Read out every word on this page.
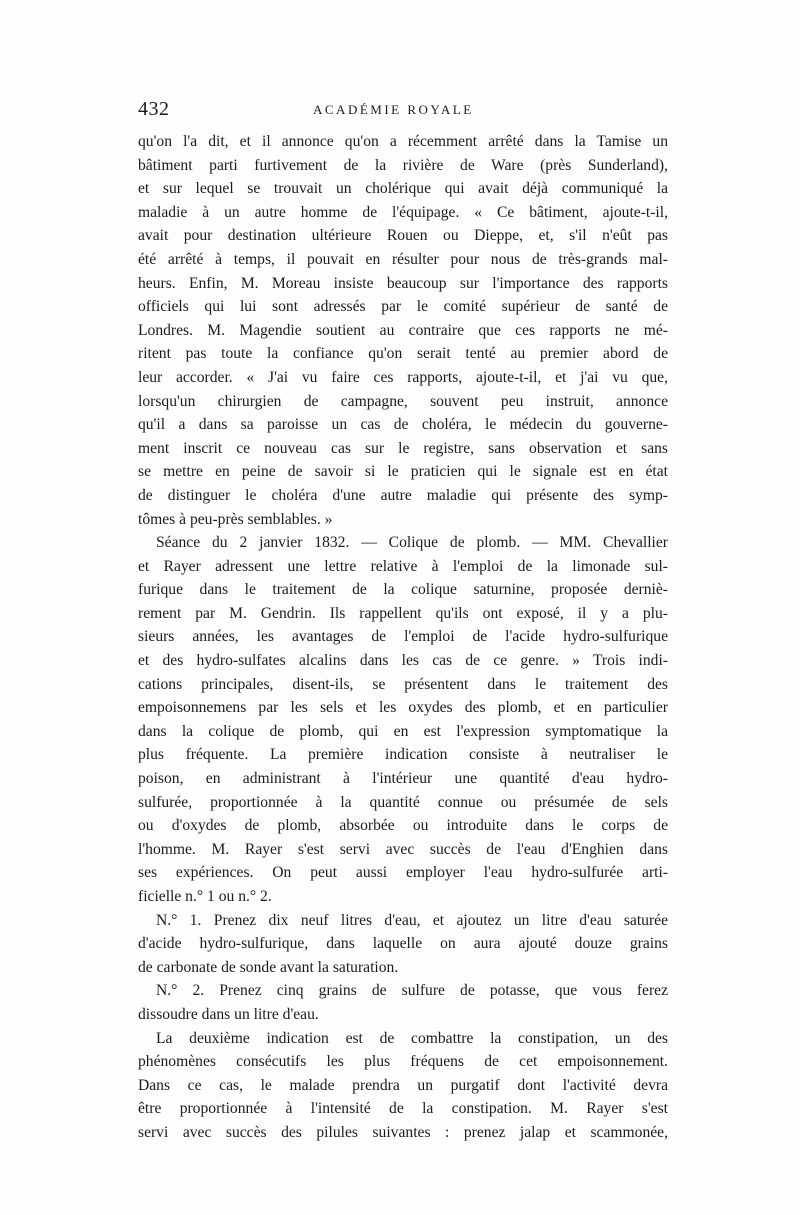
432	ACADÉMIE ROYALE
qu'on l'a dit, et il annonce qu'on a récemment arrêté dans la Tamise un
bâtiment parti furtivement de la rivière de Ware (près Sunderland),
et sur lequel se trouvait un cholérique qui avait déjà communiqué la
maladie à un autre homme de l'équipage. « Ce bâtiment, ajoute-t-il,
avait pour destination ultérieure Rouen ou Dieppe, et, s'il n'eût pas
été arrêté à temps, il pouvait en résulter pour nous de très-grands mal-
heurs. Enfin, M. Moreau insiste beaucoup sur l'importance des rapports
officiels qui lui sont adressés par le comité supérieur de santé de
Londres. M. Magendie soutient au contraire que ces rapports ne mé-
ritent pas toute la confiance qu'on serait tenté au premier abord de
leur accorder. « J'ai vu faire ces rapports, ajoute-t-il, et j'ai vu que,
lorsqu'un chirurgien de campagne, souvent peu instruit, annonce
qu'il a dans sa paroisse un cas de choléra, le médecin du gouverne-
ment inscrit ce nouveau cas sur le registre, sans observation et sans
se mettre en peine de savoir si le praticien qui le signale est en état
de distinguer le choléra d'une autre maladie qui présente des symp-
tômes à peu-près semblables. »
Séance du 2 janvier 1832. — Colique de plomb. — MM. Chevallier
et Rayer adressent une lettre relative à l'emploi de la limonade sul-
furique dans le traitement de la colique saturnine, proposée derniè-
rement par M. Gendrin. Ils rappellent qu'ils ont exposé, il y a plu-
sieurs années, les avantages de l'emploi de l'acide hydro-sulfurique
et des hydro-sulfates alcalins dans les cas de ce genre. » Trois indi-
cations principales, disent-ils, se présentent dans le traitement des
empoisonnemens par les sels et les oxydes des plomb, et en particulier
dans la colique de plomb, qui en est l'expression symptomatique la
plus fréquente. La première indication consiste à neutraliser le
poison, en administrant à l'intérieur une quantité d'eau hydro-
sulfurée, proportionnée à la quantité connue ou présumée de sels
ou d'oxydes de plomb, absorbée ou introduite dans le corps de
l'homme. M. Rayer s'est servi avec succès de l'eau d'Enghien dans
ses expériences. On peut aussi employer l'eau hydro-sulfurée arti-
ficielle n.° 1 ou n.° 2.
N.° 1. Prenez dix neuf litres d'eau, et ajoutez un litre d'eau saturée
d'acide hydro-sulfurique, dans laquelle on aura ajouté douze grains
de carbonate de sonde avant la saturation.
N.° 2. Prenez cinq grains de sulfure de potasse, que vous ferez
dissoudre dans un litre d'eau.
La deuxième indication est de combattre la constipation, un des
phénomènes consécutifs les plus fréquens de cet empoisonnement.
Dans ce cas, le malade prendra un purgatif dont l'activité devra
être proportionnée à l'intensité de la constipation. M. Rayer s'est
servi avec succès des pilules suivantes : prenez jalap et scammonée,
